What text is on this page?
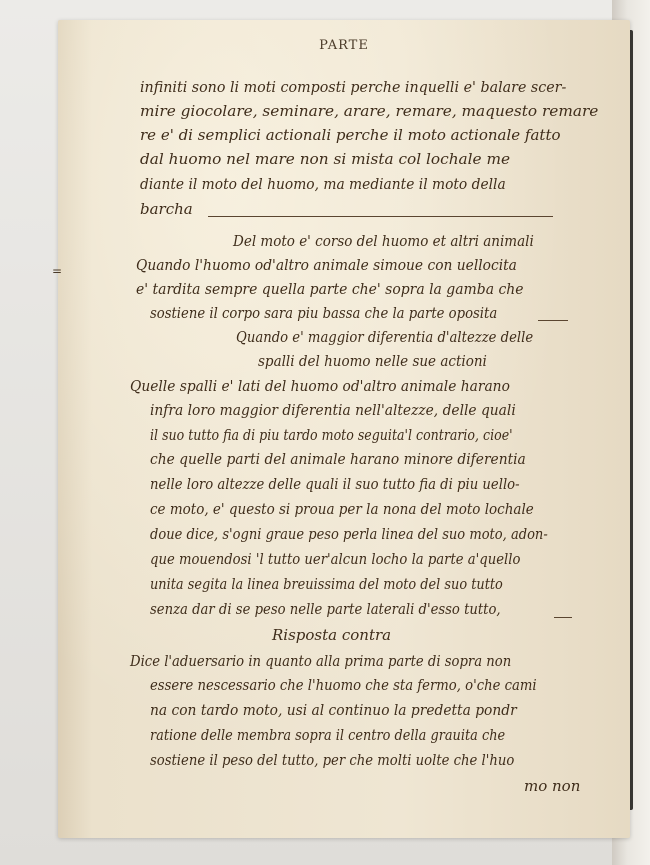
PARTE
infiniti sono li moti composti perche inquelli e' balare scer-
mire giocolare, seminare, arare, remare, maquesto remare
re e' di semplici actionali perche il moto actionale fatto
dal huomo nel mare non si mista col lochale me
diante il moto del huomo, ma mediante il moto della
barcha
Del moto e' corso del huomo et altri animali
Quando l'huomo od'altro animale simoue con uellocita
e' tardita sempre quella parte che' sopra la gamba che
sostiene il corpo sara piu bassa che la parte oposita
Quando e' maggior diferentia d'altezze delle
spalli del huomo nelle sue actioni
Quelle spalli e' lati del huomo od'altro animale harano
infra loro maggior diferentia nell'altezze, delle quali
il suo tutto fia di piu tardo moto seguita'l contrario, cioe'
che quelle parti del animale harano minore diferentia
nelle loro altezze delle quali il suo tutto fia di piu uello-
ce moto, e' questo si proua per la nona del moto lochale
doue dice, s'ogni graue peso perla linea del suo moto, adon-
que mouendosi 'l tutto uer'alcun locho la parte a'quello
unita segita la linea breuissima del moto del suo tutto
senza dar di se peso nelle parte laterali d'esso tutto,
Risposta contra
Dice l'aduersario in quanto alla prima parte di sopra non
essere nescessario che l'huomo che sta fermo, o'che cami
na con tardo moto, usi al continuo la predetta pondr
ratione delle membra sopra il centro della grauita che
sostiene il peso del tutto, per che molti uolte che l'huo
mo non
=
